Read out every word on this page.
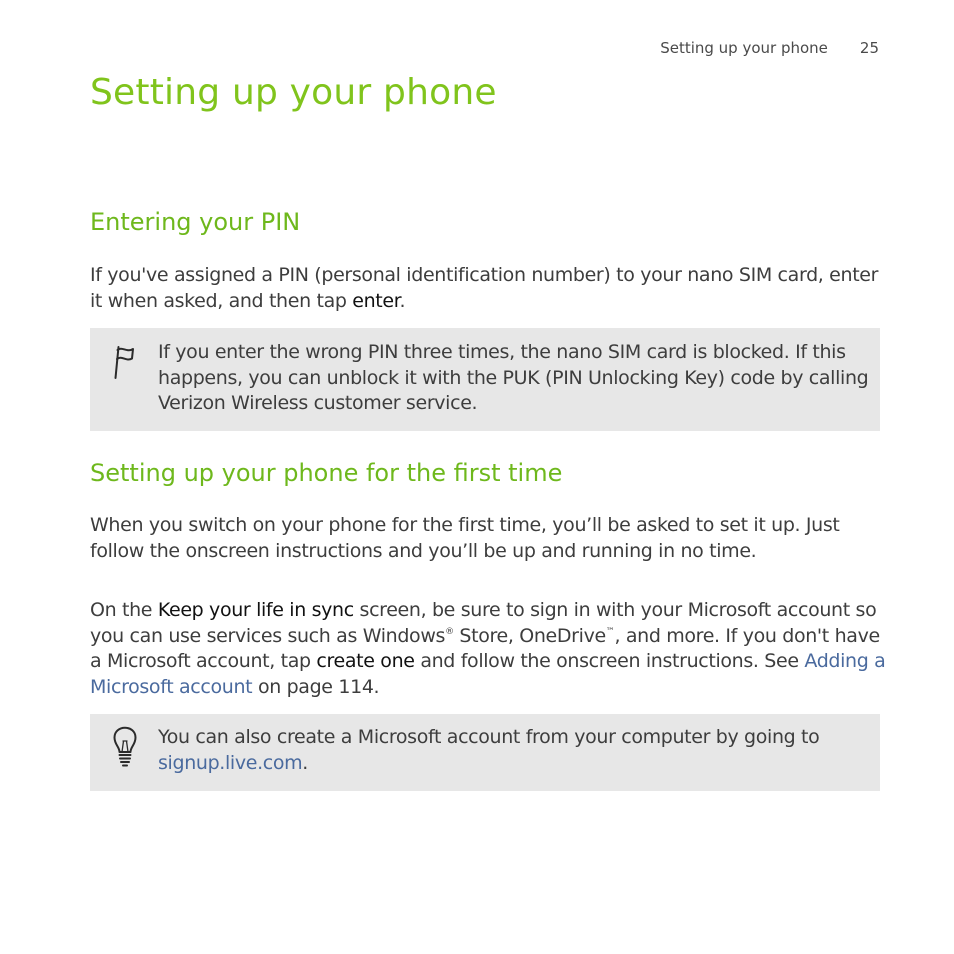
Setting up your phone 25
Setting up your phone
Entering your PIN

If you've assigned a PIN (personal identification number) to your nano SIM card, enter it when asked, and then tap enter.

If you enter the wrong PIN three times, the nano SIM card is blocked. If this happens, you can unblock it with the PUK (PIN Unlocking Key) code by calling Verizon Wireless customer service.

Setting up your phone for the first time

When you switch on your phone for the first time, you’ll be asked to set it up. Just follow the onscreen instructions and you’ll be up and running in no time.

On the Keep your life in sync screen, be sure to sign in with your Microsoft account so you can use services such as Windows® Store, OneDrive™, and more. If you don't have a Microsoft account, tap create one and follow the onscreen instructions. See Adding a Microsoft account on page 114.

You can also create a Microsoft account from your computer by going to signup.live.com.
